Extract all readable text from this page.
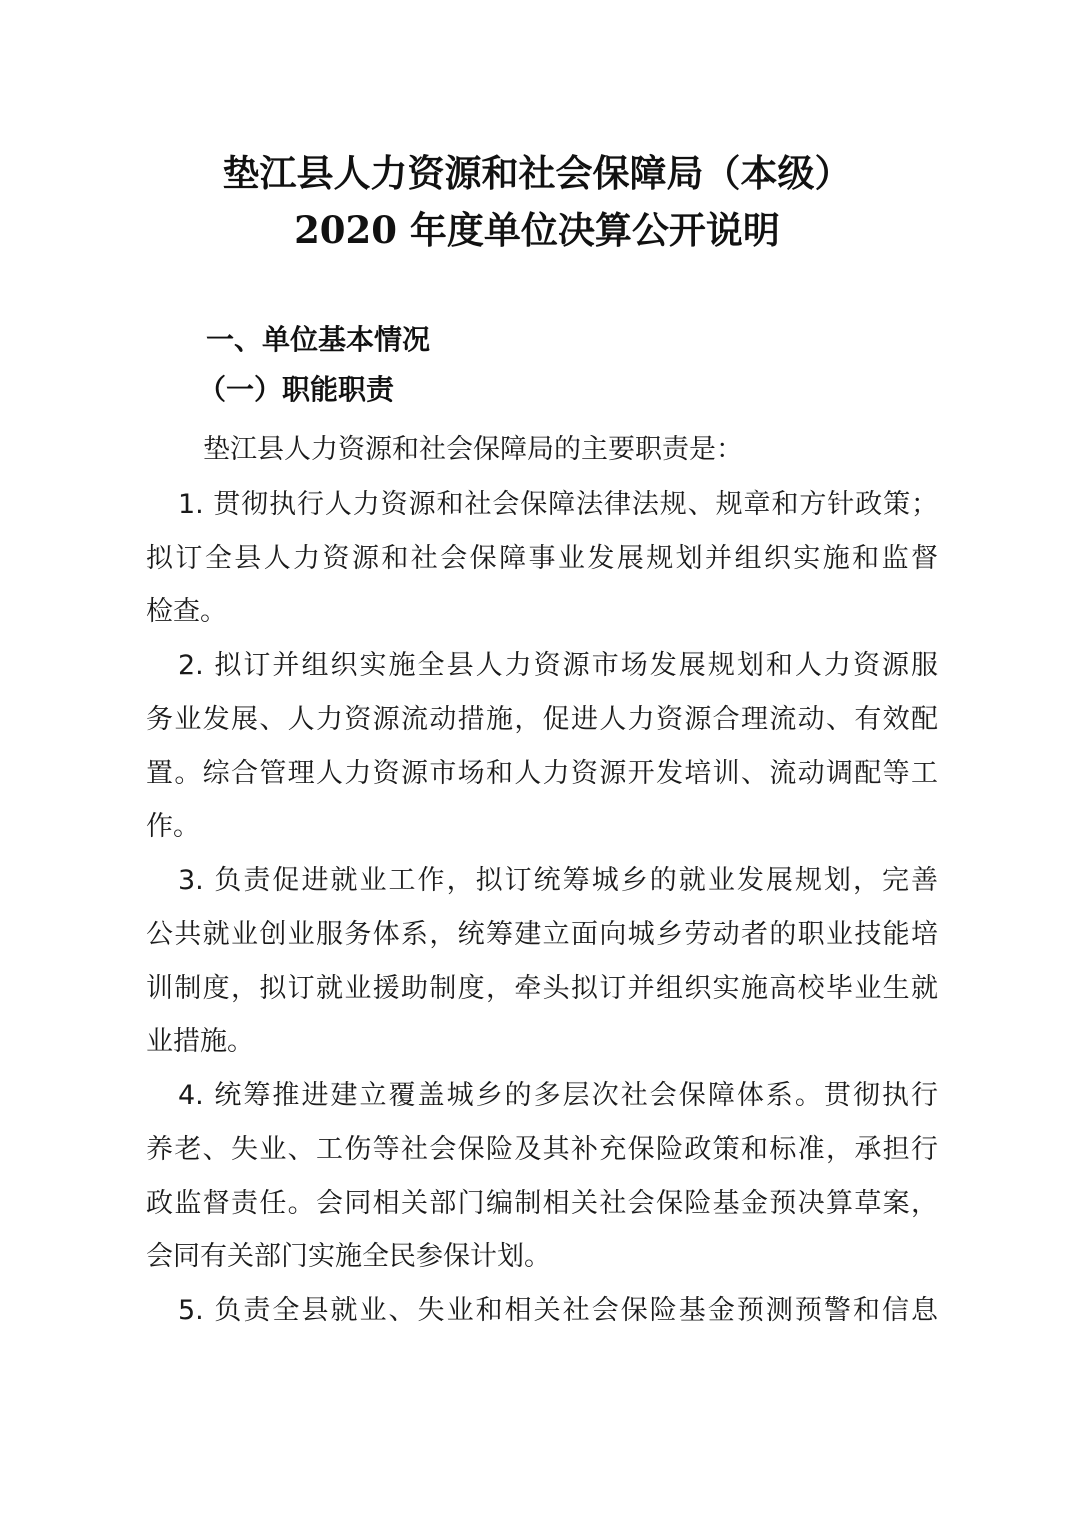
垫江县人力资源和社会保障局（本级）
2020 年度单位决算公开说明
一、单位基本情况
（一）职能职责
垫江县人力资源和社会保障局的主要职责是：
1. 贯彻执行人力资源和社会保障法律法规、规章和方针政策；
拟订全县人力资源和社会保障事业发展规划并组织实施和监督
检查。
2. 拟订并组织实施全县人力资源市场发展规划和人力资源服
务业发展、人力资源流动措施，促进人力资源合理流动、有效配
置。综合管理人力资源市场和人力资源开发培训、流动调配等工
作。
3. 负责促进就业工作，拟订统筹城乡的就业发展规划，完善
公共就业创业服务体系，统筹建立面向城乡劳动者的职业技能培
训制度，拟订就业援助制度，牵头拟订并组织实施高校毕业生就
业措施。
4. 统筹推进建立覆盖城乡的多层次社会保障体系。贯彻执行
养老、失业、工伤等社会保险及其补充保险政策和标准，承担行
政监督责任。会同相关部门编制相关社会保险基金预决算草案，
会同有关部门实施全民参保计划。
5. 负责全县就业、失业和相关社会保险基金预测预警和信息
